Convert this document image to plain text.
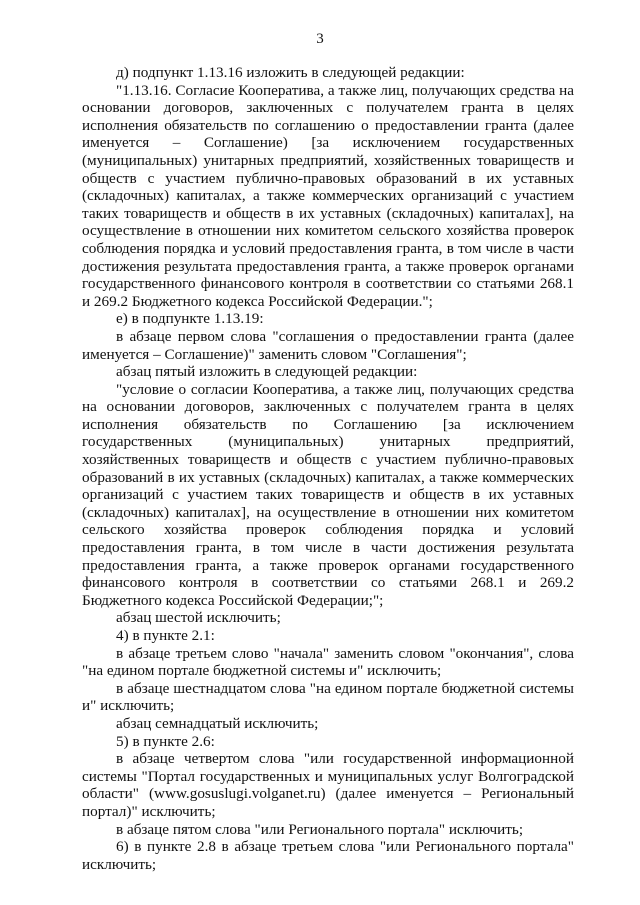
3

д) подпункт 1.13.16 изложить в следующей редакции:

"1.13.16. Согласие Кооператива, а также лиц, получающих средства на основании договоров, заключенных с получателем гранта в целях исполнения обязательств по соглашению о предоставлении гранта (далее именуется – Соглашение) [за исключением государственных (муниципальных) унитарных предприятий, хозяйственных товариществ и обществ с участием публично-правовых образований в их уставных (складочных) капиталах, а также коммерческих организаций с участием таких товариществ и обществ в их уставных (складочных) капиталах], на осуществление в отношении них комитетом сельского хозяйства проверок соблюдения порядка и условий предоставления гранта, в том числе в части достижения результата предоставления гранта, а также проверок органами государственного финансового контроля в соответствии со статьями 268.1 и 269.2 Бюджетного кодекса Российской Федерации.";

е) в подпункте 1.13.19:

в абзаце первом слова "соглашения о предоставлении гранта (далее именуется – Соглашение)" заменить словом "Соглашения";

абзац пятый изложить в следующей редакции:

"условие о согласии Кооператива, а также лиц, получающих средства на основании договоров, заключенных с получателем гранта в целях исполнения обязательств по Соглашению [за исключением государственных (муниципальных) унитарных предприятий, хозяйственных товариществ и обществ с участием публично-правовых образований в их уставных (складочных) капиталах, а также коммерческих организаций с участием таких товариществ и обществ в их уставных (складочных) капиталах], на осуществление в отношении них комитетом сельского хозяйства проверок соблюдения порядка и условий предоставления гранта, в том числе в части достижения результата предоставления гранта, а также проверок органами государственного финансового контроля в соответствии со статьями 268.1 и 269.2 Бюджетного кодекса Российской Федерации;";

абзац шестой исключить;

4) в пункте 2.1:

в абзаце третьем слово "начала" заменить словом "окончания", слова "на едином портале бюджетной системы и" исключить;

в абзаце шестнадцатом слова "на едином портале бюджетной системы и" исключить;

абзац семнадцатый исключить;

5) в пункте 2.6:

в абзаце четвертом слова "или государственной информационной системы "Портал государственных и муниципальных услуг Волгоградской области" (www.gosuslugi.volganet.ru) (далее именуется – Региональный портал)" исключить;

в абзаце пятом слова "или Регионального портала" исключить;

6) в пункте 2.8 в абзаце третьем слова "или Регионального портала" исключить;
